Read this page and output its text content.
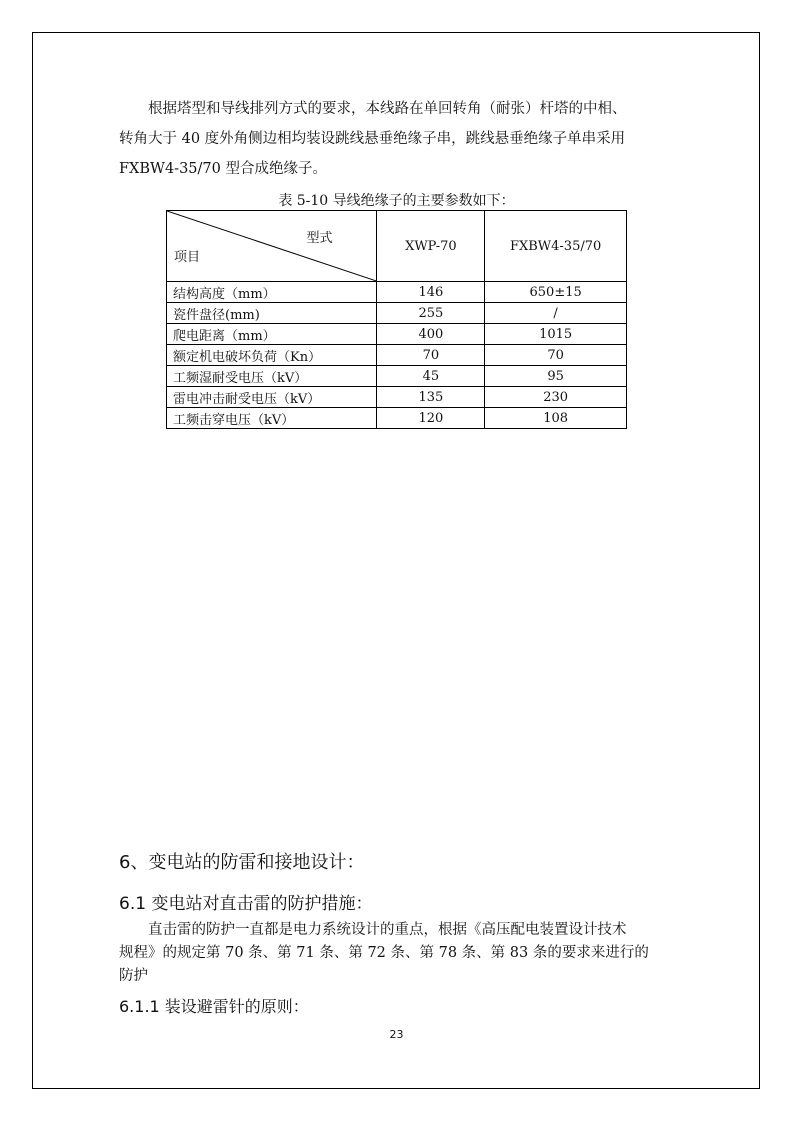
根据塔型和导线排列方式的要求，本线路在单回转角（耐张）杆塔的中相、
转角大于 40 度外角侧边相均装设跳线悬垂绝缘子串，跳线悬垂绝缘子单串采用
FXBW4-35/70 型合成绝缘子。
表 5-10 导线绝缘子的主要参数如下：
型式
项目	XWP-70	FXBW4-35/70
结构高度（mm）	146	650±15
瓷件盘径(mm)	255	/
爬电距离（mm）	400	1015
额定机电破坏负荷（Kn）	70	70
工频湿耐受电压（kV）	45	95
雷电冲击耐受电压（kV）	135	230
工频击穿电压（kV）	120	108
6、变电站的防雷和接地设计：
6.1 变电站对直击雷的防护措施：
直击雷的防护一直都是电力系统设计的重点，根据《高压配电装置设计技术
规程》的规定第 70 条、第 71 条、第 72 条、第 78 条、第 83 条的要求来进行的
防护
6.1.1 装设避雷针的原则：
23
